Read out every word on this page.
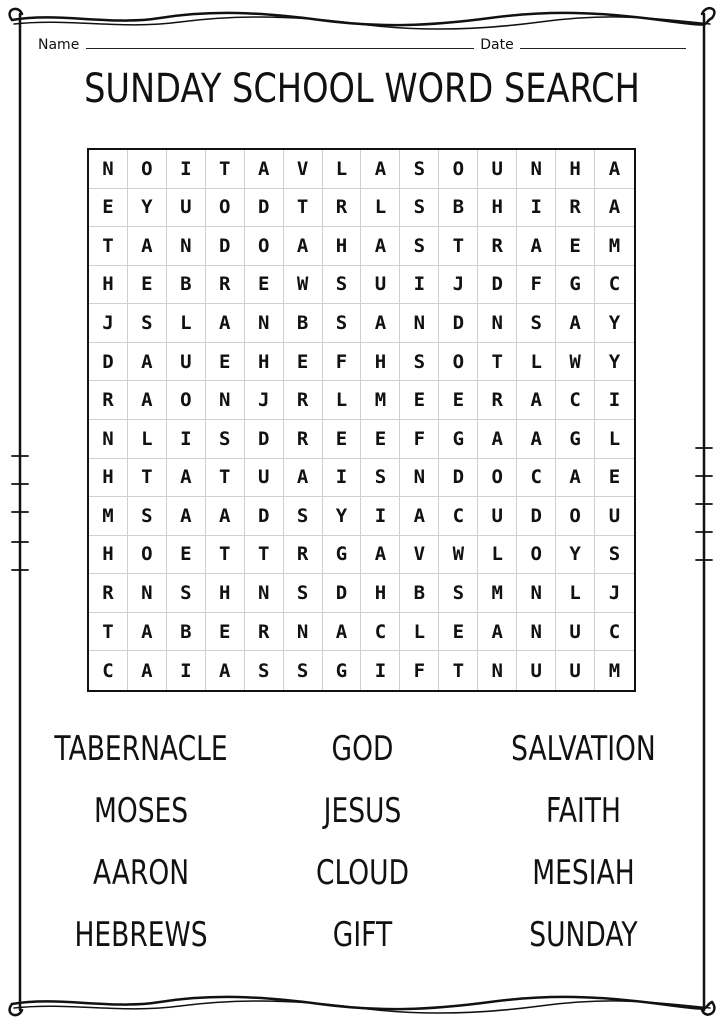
Name	Date
SUNDAY SCHOOL WORD SEARCH
N	O	I	T	A	V	L	A	S	O	U	N	H	A
E	Y	U	O	D	T	R	L	S	B	H	I	R	A
T	A	N	D	O	A	H	A	S	T	R	A	E	M
H	E	B	R	E	W	S	U	I	J	D	F	G	C
J	S	L	A	N	B	S	A	N	D	N	S	A	Y
D	A	U	E	H	E	F	H	S	O	T	L	W	Y
R	A	O	N	J	R	L	M	E	E	R	A	C	I
N	L	I	S	D	R	E	E	F	G	A	A	G	L
H	T	A	T	U	A	I	S	N	D	O	C	A	E
M	S	A	A	D	S	Y	I	A	C	U	D	O	U
H	O	E	T	T	R	G	A	V	W	L	O	Y	S
R	N	S	H	N	S	D	H	B	S	M	N	L	J
T	A	B	E	R	N	A	C	L	E	A	N	U	C
C	A	I	A	S	S	G	I	F	T	N	U	U	M
TABERNACLE	GOD	SALVATION
MOSES	JESUS	FAITH
AARON	CLOUD	MESIAH
HEBREWS	GIFT	SUNDAY
